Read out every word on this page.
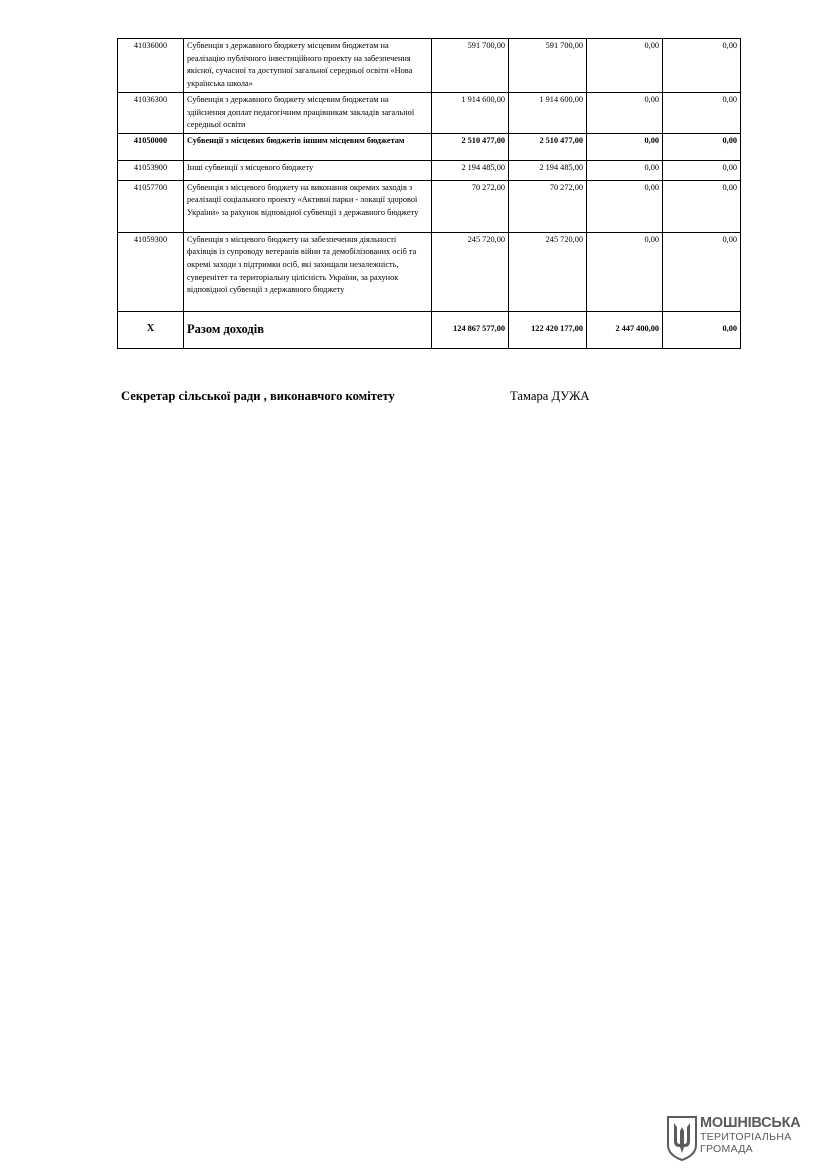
41036000	Субвенція з державного бюджету місцевим бюджетам на реалізацію публічного інвестиційного проекту на забезпечення якісної, сучасної та доступної загальної середньої освіти «Нова українська школа»	591 700,00	591 700,00	0,00	0,00
41036300	Субвенція з державного бюджету місцевим бюджетам на здійснення доплат педагогічним працівникам закладів загальної середньої освіти	1 914 600,00	1 914 600,00	0,00	0,00
41050000	Субвенції з місцевих бюджетів іншим місцевим бюджетам	2 510 477,00	2 510 477,00	0,00	0,00
41053900	Інші субвенції з місцевого бюджету	2 194 485,00	2 194 485,00	0,00	0,00
41057700	Субвенція з місцевого бюджету на виконання окремих заходів з реалізації соціального проекту «Активні парки - локації здорової України» за рахунок відповідної субвенції з державного бюджету	70 272,00	70 272,00	0,00	0,00
41059300	Субвенція з місцевого бюджету на забезпечення діяльності фахівців із супроводу ветеранів війни та демобілізованих осіб та окремі заходи з підтримки осіб, які захищали незалежність, суверенітет та територіальну цілісність України, за рахунок відповідної субвенції з державного бюджету	245 720,00	245 720,00	0,00	0,00
X	Разом доходів	124 867 577,00	122 420 177,00	2 447 400,00	0,00
Секретар сільської ради , виконавчого комітету	Тамара ДУЖА
МОШНІВСЬКА
ТЕРИТОРІАЛЬНА
ГРОМАДА
